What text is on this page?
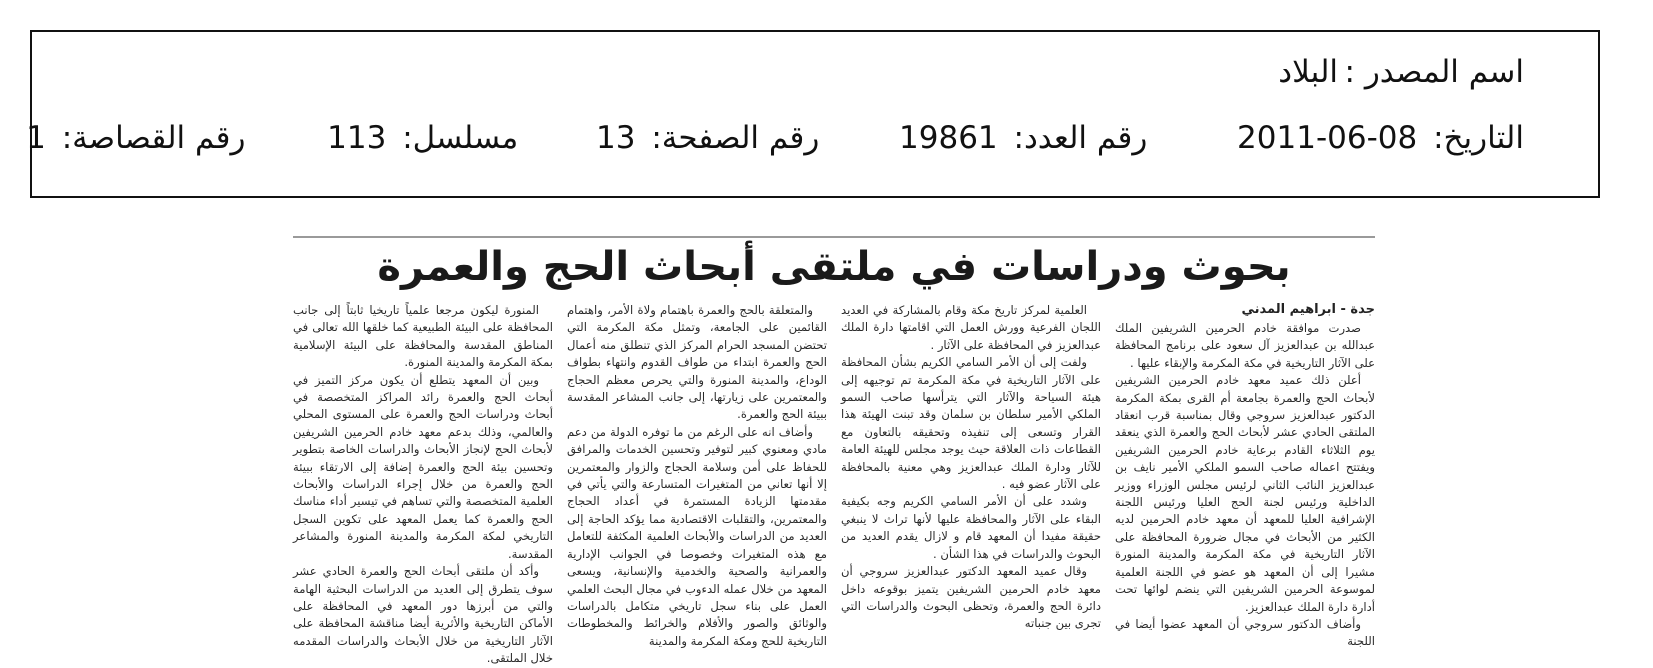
اسم المصدر :البلاد
التاريخ: 2011-06-08  رقم العدد: 19861  رقم الصفحة: 13  مسلسل: 113  رقم القصاصة: 1
بحوث ودراسات في ملتقى أبحاث الحج والعمرة
جدة - ابراهيم المدني

صدرت موافقة خادم الحرمين الشريفين الملك عبدالله بن عبدالعزيز آل سعود على برنامج المحافظة على الآثار التاريخية في مكة المكرمة والإبقاء عليها .

أعلن ذلك عميد معهد خادم الحرمين الشريفين لأبحاث الحج والعمرة بجامعة أم القرى بمكة المكرمة الدكتور عبدالعزيز سروجي وقال بمناسبة قرب انعقاد الملتقى الحادي عشر لأبحاث الحج والعمرة الذي ينعقد يوم الثلاثاء القادم برعاية خادم الحرمين الشريفين ويفتتح اعماله صاحب السمو الملكي الأمير نايف بن عبدالعزيز النائب الثاني لرئيس مجلس الوزراء ووزير الداخلية ورئيس لجنة الحج العليا ورئيس اللجنة الإشرافية العليا للمعهد أن معهد خادم الحرمين لديه الكثير من الأبحاث في مجال ضرورة المحافظة على الآثار التاريخية في مكة المكرمة والمدينة المنورة مشيرا إلى أن المعهد هو عضو في اللجنة العلمية لموسوعة الحرمين الشريفين التي ينضم لوائها تحت أدارة دارة الملك عبدالعزيز.

وأضاف الدكتور سروجي أن المعهد عضوا أيضا في اللجنة

العلمية لمركز تاريخ مكة وقام بالمشاركة في العديد اللجان الفرعية وورش العمل التي اقامتها دارة الملك عبدالعزيز في المحافظة على الآثار .

ولفت إلى أن الأمر السامي الكريم بشأن المحافظة على الآثار التاريخية في مكة المكرمة تم توجيهه إلى هيئة السياحة والآثار التي يترأسها صاحب السمو الملكي الأمير سلطان بن سلمان وقد تبنت الهيئة هذا القرار وتسعى إلى تنفيذه وتحقيقه بالتعاون مع القطاعات ذات العلاقة حيث يوجد مجلس للهيئة العامة للآثار ودارة الملك عبدالعزيز وهي معنية بالمحافظة على الآثار عضو فيه .

وشدد على أن الأمر السامي الكريم وجه بكيفية البقاء على الآثار والمحافظة عليها لأنها تراث لا ينبغي حقيقة مفيدا أن المعهد قام و لازال يقدم العديد من البحوث والدراسات في هذا الشأن .

وقال عميد المعهد الدكتور عبدالعزيز سروجي أن معهد خادم الحرمين الشريفين يتميز بوقوعه داخل دائرة الحج والعمرة، وتحظى البحوث والدراسات التي تجرى بين جنباته

والمتعلقة بالحج والعمرة باهتمام ولاة الأمر، واهتمام القائمين على الجامعة، وتمثل مكة المكرمة التي تحتضن المسجد الحرام المركز الذي تنطلق منه أعمال الحج والعمرة ابتداء من طواف القدوم وانتهاء بطواف الوداع، والمدينة المنورة والتي يحرص معظم الحجاج والمعتمرين على زيارتها، إلى جانب المشاعر المقدسة ببيئة الحج والعمرة.

وأضاف انه على الرغم من ما توفره الدولة من دعم مادي ومعنوي كبير لتوفير وتحسين الخدمات والمرافق للحفاظ على أمن وسلامة الحجاج والزوار والمعتمرين إلا أنها تعاني من المتغيرات المتسارعة والتي يأتي في مقدمتها الزيادة المستمرة في أعداد الحجاج والمعتمرين، والتقلبات الاقتصادية مما يؤكد الحاجة إلى العديد من الدراسات والأبحاث العلمية المكثفة للتعامل مع هذه المتغيرات وخصوصا في الجوانب الإدارية والعمرانية والصحية والخدمية والإنسانية، ويسعى المعهد من خلال عمله الدءوب في مجال البحث العلمي العمل على بناء سجل تاريخي متكامل بالدراسات والوثائق والصور والأفلام والخرائط والمخطوطات التاريخية للحج ومكة المكرمة والمدينة

المنورة ليكون مرجعا علمياً تاريخيا ثابتاً إلى جانب المحافظة على البيئة الطبيعية كما خلقها الله تعالى في المناطق المقدسة والمحافظة على البيئة الإسلامية بمكة المكرمة والمدينة المنورة.

وبين أن المعهد يتطلع أن يكون مركز التميز في أبحاث الحج والعمرة رائد المراكز المتخصصة في أبحاث ودراسات الحج والعمرة على المستوى المحلي والعالمي، وذلك بدعم معهد خادم الحرمين الشريفين لأبحاث الحج لإنجاز الأبحاث والدراسات الخاصة بتطوير وتحسين بيئة الحج والعمرة إضافة إلى الارتقاء ببيئة الحج والعمرة من خلال إجراء الدراسات والأبحاث العلمية المتخصصة والتي تساهم في تيسير أداء مناسك الحج والعمرة كما يعمل المعهد على تكوين السجل التاريخي لمكة المكرمة والمدينة المنورة والمشاعر المقدسة.

وأكد أن ملتقى أبحاث الحج والعمرة الحادي عشر سوف يتطرق إلى العديد من الدراسات البحثية الهامة والتي من أبرزها دور المعهد في المحافظة على الأماكن التاريخية والأثرية أيضا مناقشة المحافظة على الآثار التاريخية من خلال الأبحاث والدراسات المقدمه خلال الملتقى.
